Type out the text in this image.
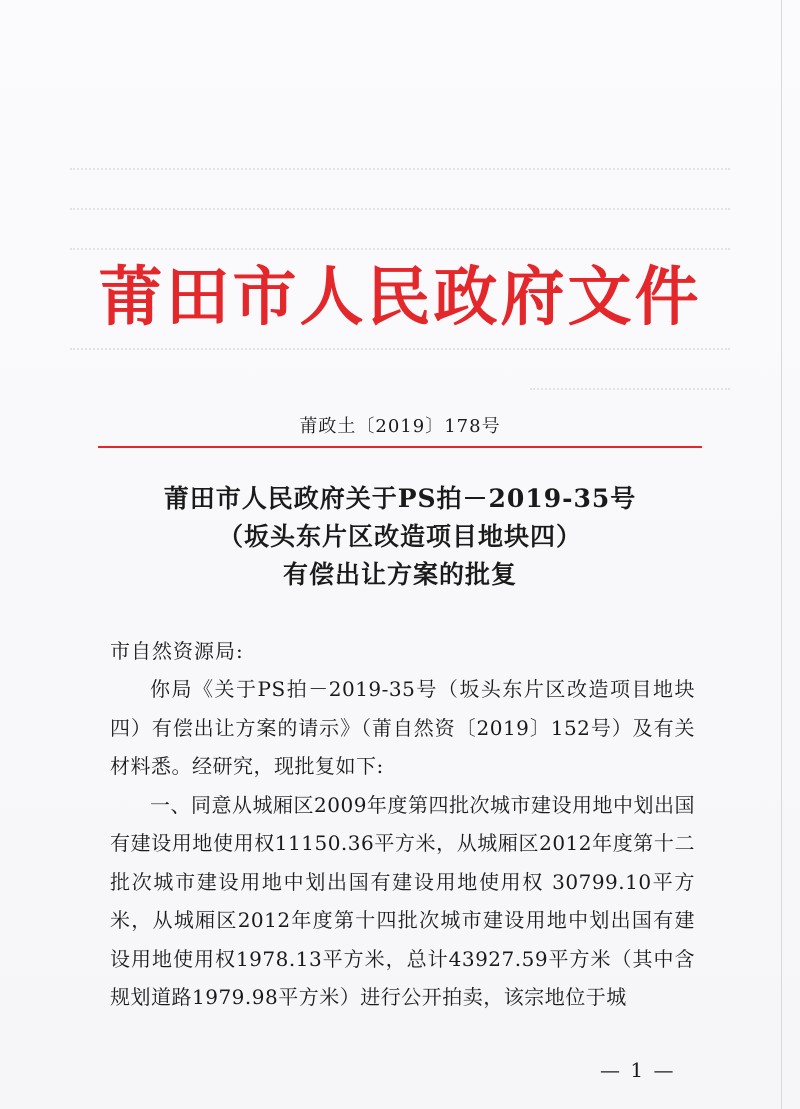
莆田市人民政府文件
莆政土〔2019〕178号
莆田市人民政府关于PS拍－2019-35号
（坂头东片区改造项目地块四）
有偿出让方案的批复
市自然资源局:

你局《关于PS拍－2019-35号（坂头东片区改造项目地块四）有偿出让方案的请示》（莆自然资〔2019〕152号）及有关材料悉。经研究，现批复如下:

一、同意从城厢区2009年度第四批次城市建设用地中划出国有建设用地使用权11150.36平方米，从城厢区2012年度第十二批次城市建设用地中划出国有建设用地使用权 30799.10平方米，从城厢区2012年度第十四批次城市建设用地中划出国有建设用地使用权1978.13平方米，总计43927.59平方米（其中含规划道路1979.98平方米）进行公开拍卖，该宗地位于城

— 1 —
